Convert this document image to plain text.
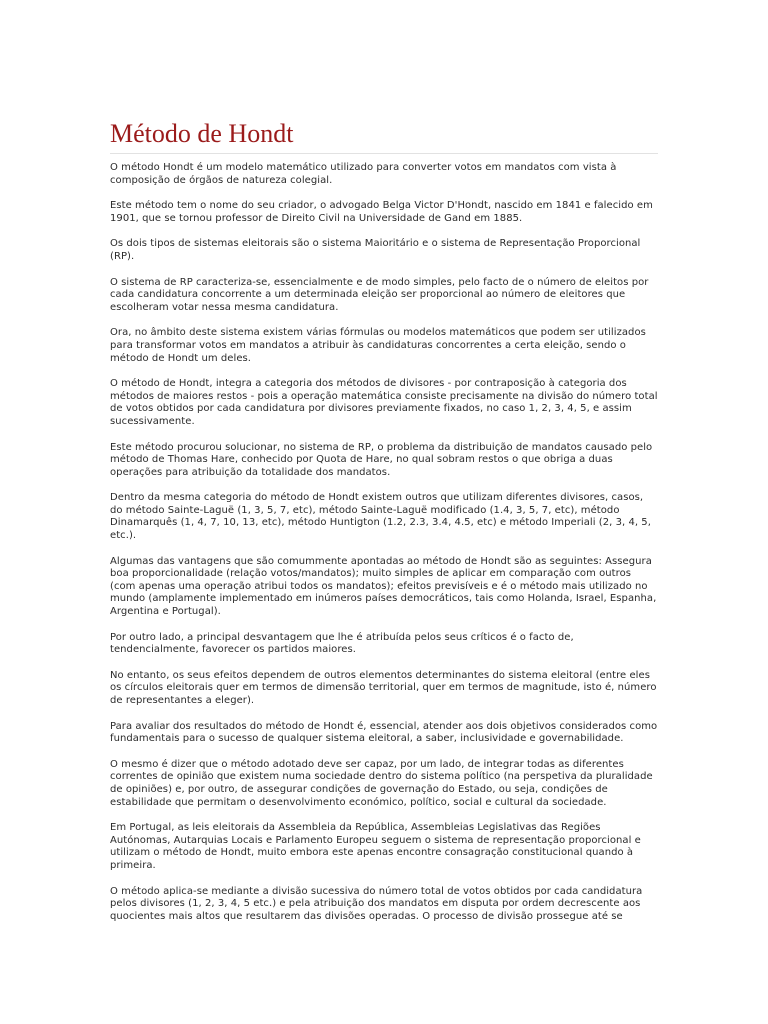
Método de Hondt

O método Hondt é um modelo matemático utilizado para converter votos em mandatos com vista à composição de órgãos de natureza colegial.

Este método tem o nome do seu criador, o advogado Belga Victor D'Hondt, nascido em 1841 e falecido em 1901, que se tornou professor de Direito Civil na Universidade de Gand em 1885.

Os dois tipos de sistemas eleitorais são o sistema Maioritário e o sistema de Representação Proporcional (RP).

O sistema de RP caracteriza-se, essencialmente e de modo simples, pelo facto de o número de eleitos por cada candidatura concorrente a um determinada eleição ser proporcional ao número de eleitores que escolheram votar nessa mesma candidatura.

Ora, no âmbito deste sistema existem várias fórmulas ou modelos matemáticos que podem ser utilizados para transformar votos em mandatos a atribuir às candidaturas concorrentes a certa eleição, sendo o método de Hondt um deles.

O método de Hondt, integra a categoria dos métodos de divisores - por contraposição à categoria dos métodos de maiores restos - pois a operação matemática consiste precisamente na divisão do número total de votos obtidos por cada candidatura por divisores previamente fixados, no caso 1, 2, 3, 4, 5, e assim sucessivamente.

Este método procurou solucionar, no sistema de RP, o problema da distribuição de mandatos causado pelo método de Thomas Hare, conhecido por Quota de Hare, no qual sobram restos o que obriga a duas operações para atribuição da totalidade dos mandatos.

Dentro da mesma categoria do método de Hondt existem outros que utilizam diferentes divisores, casos, do método Sainte-Laguë (1, 3, 5, 7, etc), método Sainte-Laguë modificado (1.4, 3, 5, 7, etc), método Dinamarquês (1, 4, 7, 10, 13, etc), método Huntigton (1.2, 2.3, 3.4, 4.5, etc) e método Imperiali (2, 3, 4, 5, etc.).

Algumas das vantagens que são comummente apontadas ao método de Hondt são as seguintes: Assegura boa proporcionalidade (relação votos/mandatos); muito simples de aplicar em comparação com outros (com apenas uma operação atribui todos os mandatos); efeitos previsíveis e é o método mais utilizado no mundo (amplamente implementado em inúmeros países democráticos, tais como Holanda, Israel, Espanha, Argentina e Portugal).

Por outro lado, a principal desvantagem que lhe é atribuída pelos seus críticos é o facto de, tendencialmente, favorecer os partidos maiores.

No entanto, os seus efeitos dependem de outros elementos determinantes do sistema eleitoral (entre eles os círculos eleitorais quer em termos de dimensão territorial, quer em termos de magnitude, isto é, número de representantes a eleger).

Para avaliar dos resultados do método de Hondt é, essencial, atender aos dois objetivos considerados como fundamentais para o sucesso de qualquer sistema eleitoral, a saber, inclusividade e governabilidade.

O mesmo é dizer que o método adotado deve ser capaz, por um lado, de integrar todas as diferentes correntes de opinião que existem numa sociedade dentro do sistema político (na perspetiva da pluralidade de opiniões) e, por outro, de assegurar condições de governação do Estado, ou seja, condições de estabilidade que permitam o desenvolvimento económico, político, social e cultural da sociedade.

Em Portugal, as leis eleitorais da Assembleia da República, Assembleias Legislativas das Regiões Autónomas, Autarquias Locais e Parlamento Europeu seguem o sistema de representação proporcional e utilizam o método de Hondt, muito embora este apenas encontre consagração constitucional quando à primeira.

O método aplica-se mediante a divisão sucessiva do número total de votos obtidos por cada candidatura pelos divisores (1, 2, 3, 4, 5 etc.) e pela atribuição dos mandatos em disputa por ordem decrescente aos quocientes mais altos que resultarem das divisões operadas. O processo de divisão prossegue até se
